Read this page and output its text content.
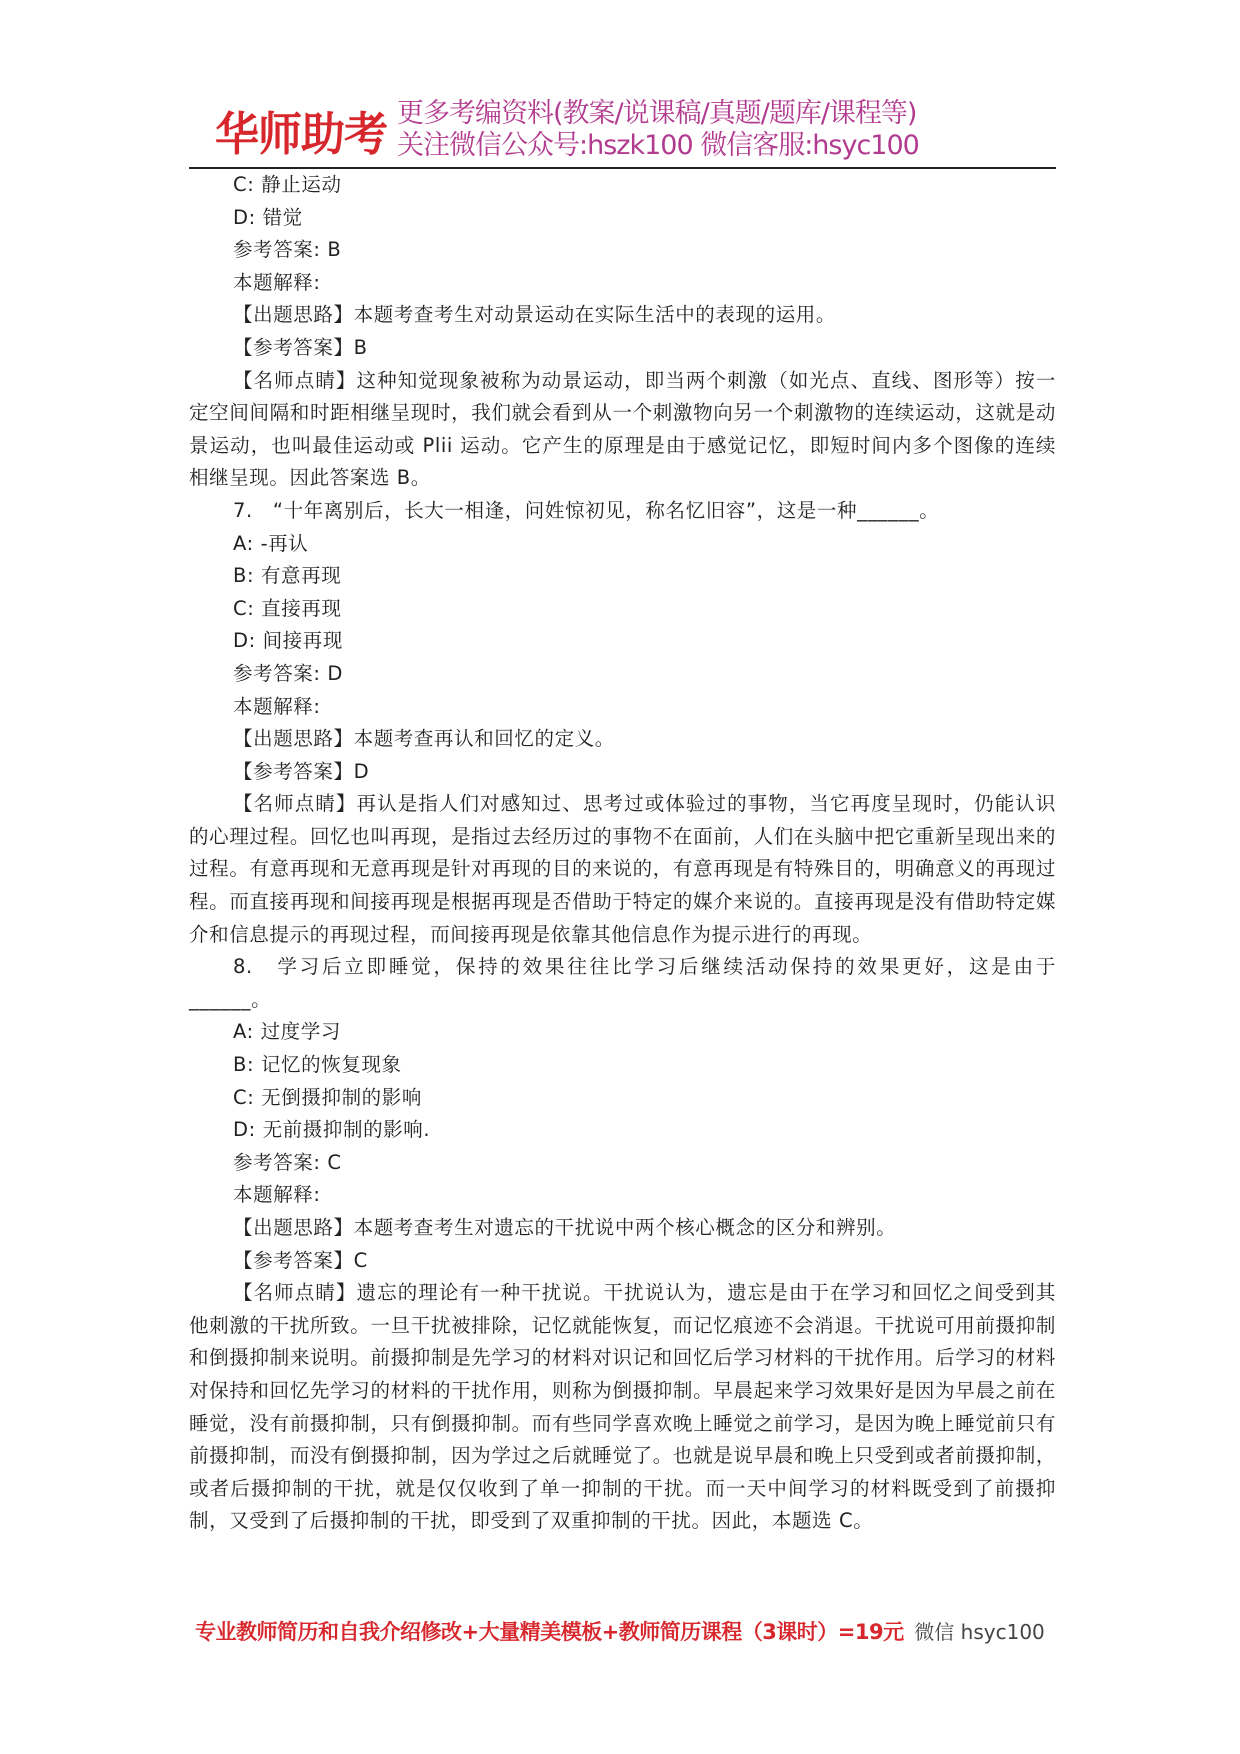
华师助考 更多考编资料(教案/说课稿/真题/题库/课程等)
关注微信公众号:hszk100 微信客服:hsyc100

C: 静止运动

D: 错觉

参考答案: B

本题解释:

【出题思路】本题考查考生对动景运动在实际生活中的表现的运用。

【参考答案】B

【名师点睛】这种知觉现象被称为动景运动，即当两个刺激（如光点、直线、图形等）按一定空间间隔和时距相继呈现时，我们就会看到从一个刺激物向另一个刺激物的连续运动，这就是动景运动，也叫最佳运动或 Plii 运动。它产生的原理是由于感觉记忆，即短时间内多个图像的连续相继呈现。因此答案选 B。

7.　“十年离别后，长大一相逢，问姓惊初见，称名忆旧容”，这是一种______。

A: -再认

B: 有意再现

C: 直接再现

D: 间接再现

参考答案: D

本题解释:

【出题思路】本题考查再认和回忆的定义。

【参考答案】D

【名师点睛】再认是指人们对感知过、思考过或体验过的事物，当它再度呈现时，仍能认识的心理过程。回忆也叫再现，是指过去经历过的事物不在面前，人们在头脑中把它重新呈现出来的过程。有意再现和无意再现是针对再现的目的来说的，有意再现是有特殊目的，明确意义的再现过程。而直接再现和间接再现是根据再现是否借助于特定的媒介来说的。直接再现是没有借助特定媒介和信息提示的再现过程，而间接再现是依靠其他信息作为提示进行的再现。

8.　学习后立即睡觉，保持的效果往往比学习后继续活动保持的效果更好，这是由于______。

A: 过度学习

B: 记忆的恢复现象

C: 无倒摄抑制的影响

D: 无前摄抑制的影响.

参考答案: C

本题解释:

【出题思路】本题考查考生对遗忘的干扰说中两个核心概念的区分和辨别。

【参考答案】C

【名师点睛】遗忘的理论有一种干扰说。干扰说认为，遗忘是由于在学习和回忆之间受到其他刺激的干扰所致。一旦干扰被排除，记忆就能恢复，而记忆痕迹不会消退。干扰说可用前摄抑制和倒摄抑制来说明。前摄抑制是先学习的材料对识记和回忆后学习材料的干扰作用。后学习的材料对保持和回忆先学习的材料的干扰作用，则称为倒摄抑制。早晨起来学习效果好是因为早晨之前在睡觉，没有前摄抑制，只有倒摄抑制。而有些同学喜欢晚上睡觉之前学习，是因为晚上睡觉前只有前摄抑制，而没有倒摄抑制，因为学过之后就睡觉了。也就是说早晨和晚上只受到或者前摄抑制，或者后摄抑制的干扰，就是仅仅收到了单一抑制的干扰。而一天中间学习的材料既受到了前摄抑制，又受到了后摄抑制的干扰，即受到了双重抑制的干扰。因此，本题选 C。

专业教师简历和自我介绍修改+大量精美模板+教师简历课程（3课时）=19元 微信 hsyc100
